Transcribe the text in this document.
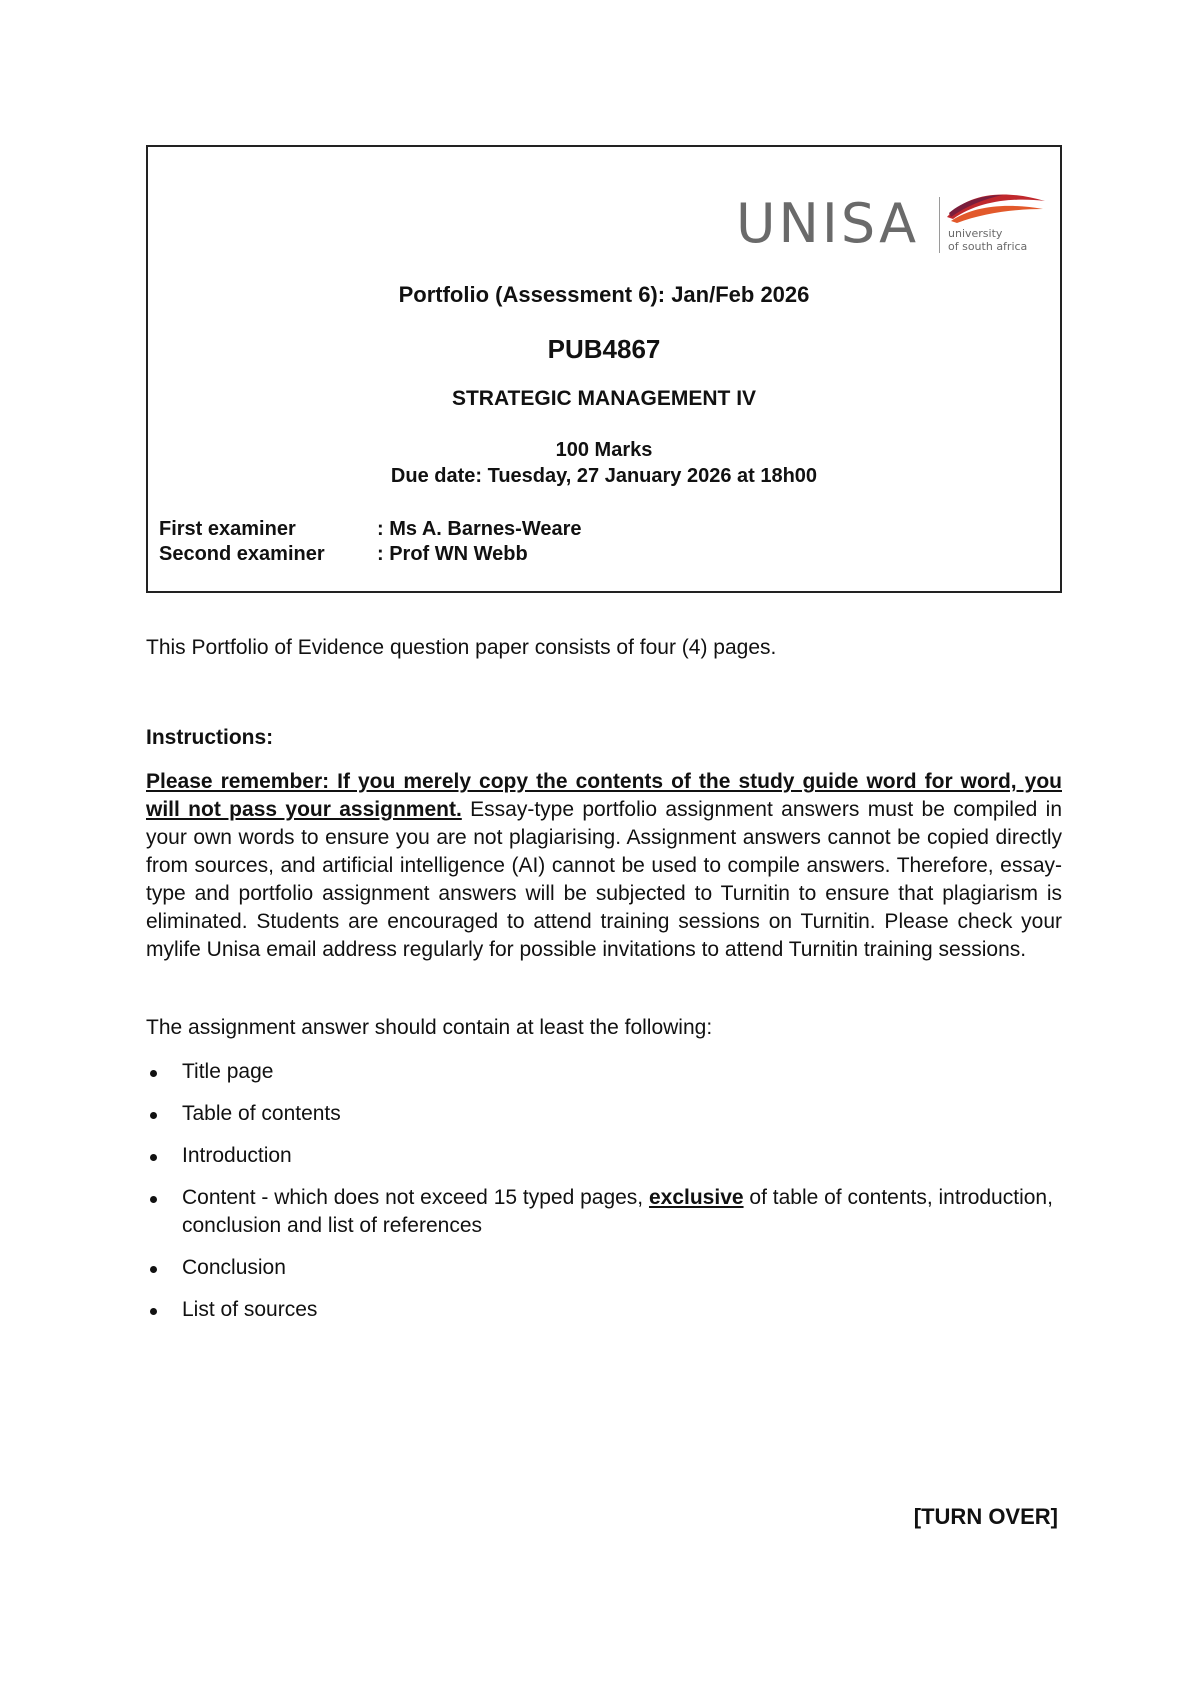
UNISA	university
of south africa

Portfolio (Assessment 6): Jan/Feb 2026

PUB4867

STRATEGIC MANAGEMENT IV

100 Marks

Due date: Tuesday, 27 January 2026 at 18h00

First examiner	: Ms A. Barnes-Weare
Second examiner	: Prof WN Webb

This Portfolio of Evidence question paper consists of four (4) pages.

Instructions:

Please remember: If you merely copy the contents of the study guide word for word, you will not pass your assignment. Essay-type portfolio assignment answers must be compiled in your own words to ensure you are not plagiarising. Assignment answers cannot be copied directly from sources, and artificial intelligence (AI) cannot be used to compile answers. Therefore, essay-type and portfolio assignment answers will be subjected to Turnitin to ensure that plagiarism is eliminated. Students are encouraged to attend training sessions on Turnitin. Please check your mylife Unisa email address regularly for possible invitations to attend Turnitin training sessions.

The assignment answer should contain at least the following:

Title page
Table of contents
Introduction
Content - which does not exceed 15 typed pages, exclusive of table of contents, introduction, conclusion and list of references
Conclusion
List of sources

[TURN OVER]
